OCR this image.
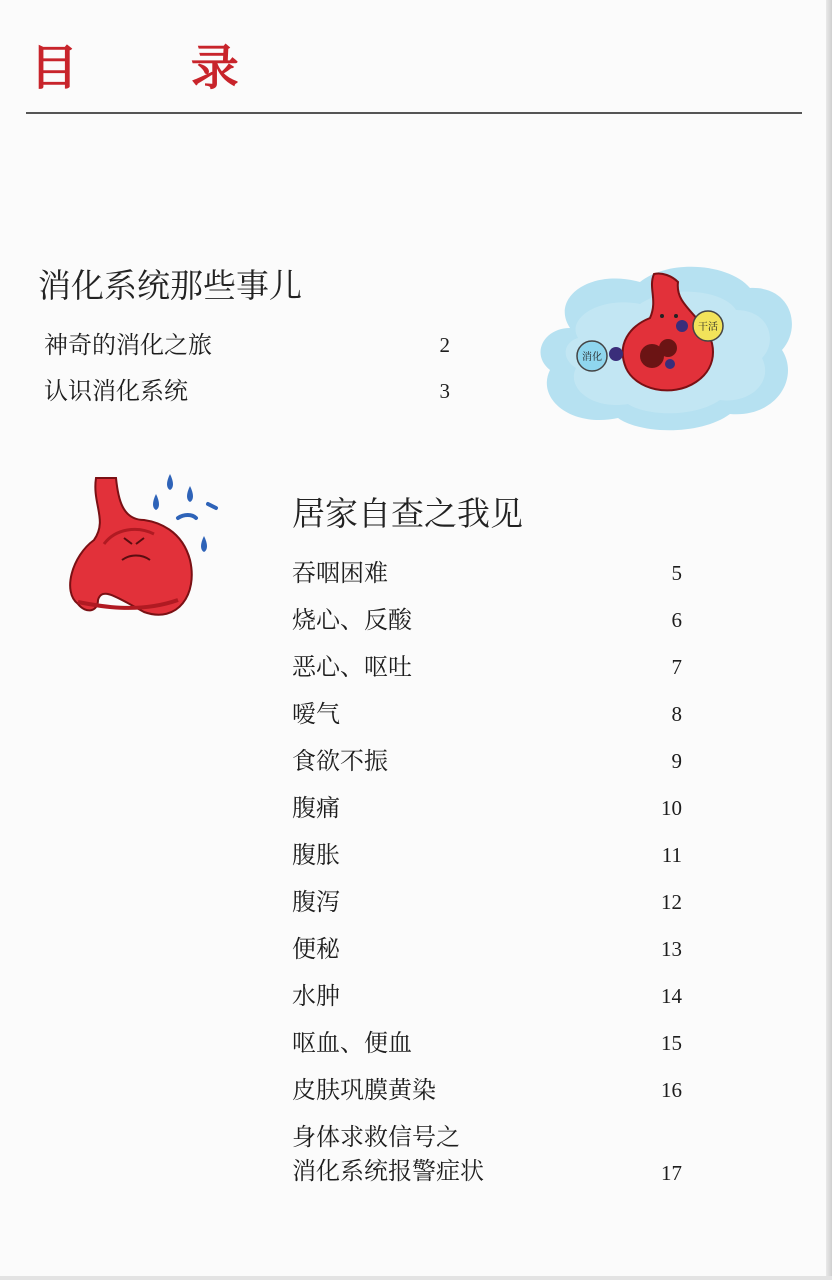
目 录
消化系统那些事儿
神奇的消化之旅	2
认识消化系统	3
干活
消化
居家自查之我见
吞咽困难	5
烧心、反酸	6
恶心、呕吐	7
嗳气	8
食欲不振	9
腹痛	10
腹胀	11
腹泻	12
便秘	13
水肿	14
呕血、便血	15
皮肤巩膜黄染	16
身体求救信号之
消化系统报警症状	17
